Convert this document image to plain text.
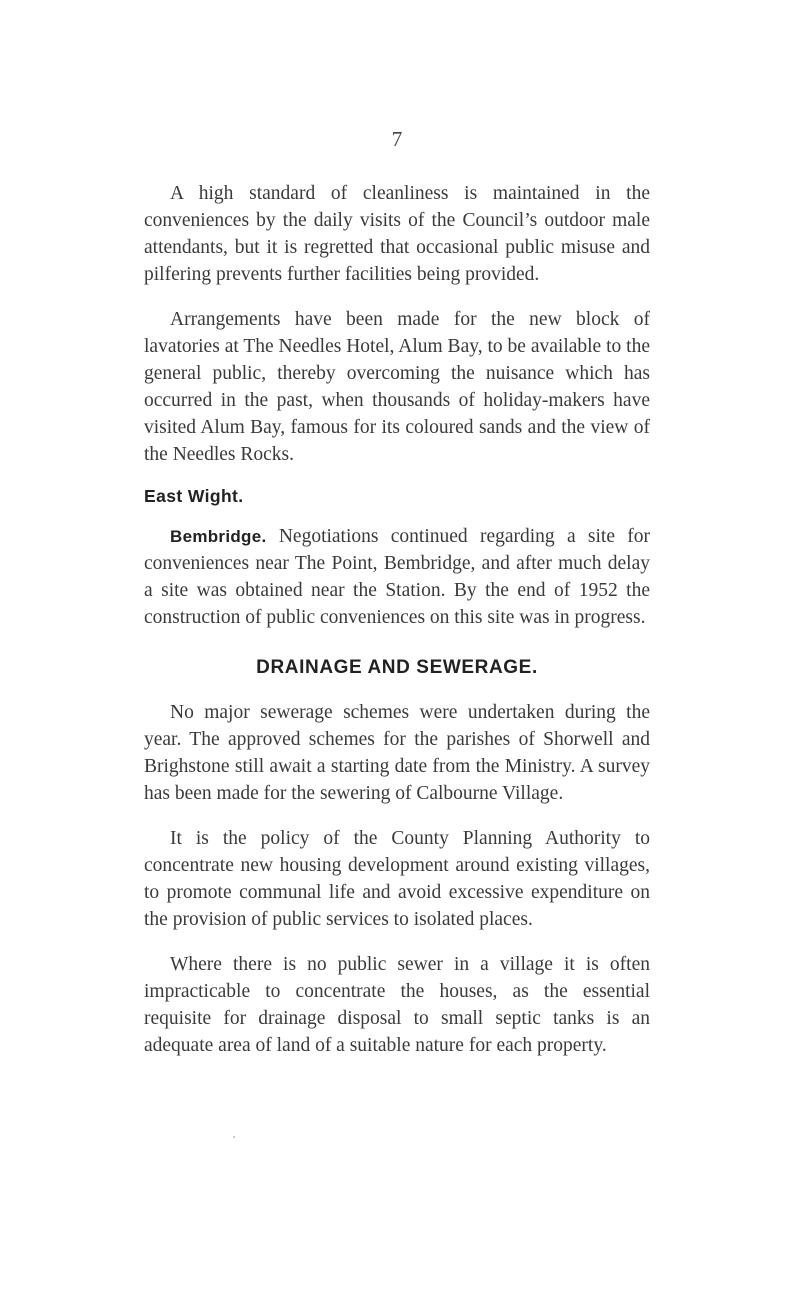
7

A high standard of cleanliness is maintained in the conveniences by the daily visits of the Council’s outdoor male attendants, but it is regretted that occasional public misuse and pilfering prevents further facilities being provided.

Arrangements have been made for the new block of lavatories at The Needles Hotel, Alum Bay, to be available to the general public, thereby overcoming the nuisance which has occurred in the past, when thousands of holiday-makers have visited Alum Bay, famous for its coloured sands and the view of the Needles Rocks.

East Wight.

Bembridge. Negotiations continued regarding a site for conveniences near The Point, Bembridge, and after much delay a site was obtained near the Station. By the end of 1952 the construction of public conveniences on this site was in progress.

DRAINAGE AND SEWERAGE.

No major sewerage schemes were undertaken during the year. The approved schemes for the parishes of Shorwell and Brighstone still await a starting date from the Ministry. A survey has been made for the sewering of Calbourne Village.

It is the policy of the County Planning Authority to concentrate new housing development around existing villages, to promote communal life and avoid excessive expenditure on the provision of public services to isolated places.

Where there is no public sewer in a village it is often impracticable to concentrate the houses, as the essential requisite for drainage disposal to small septic tanks is an adequate area of land of a suitable nature for each property.
